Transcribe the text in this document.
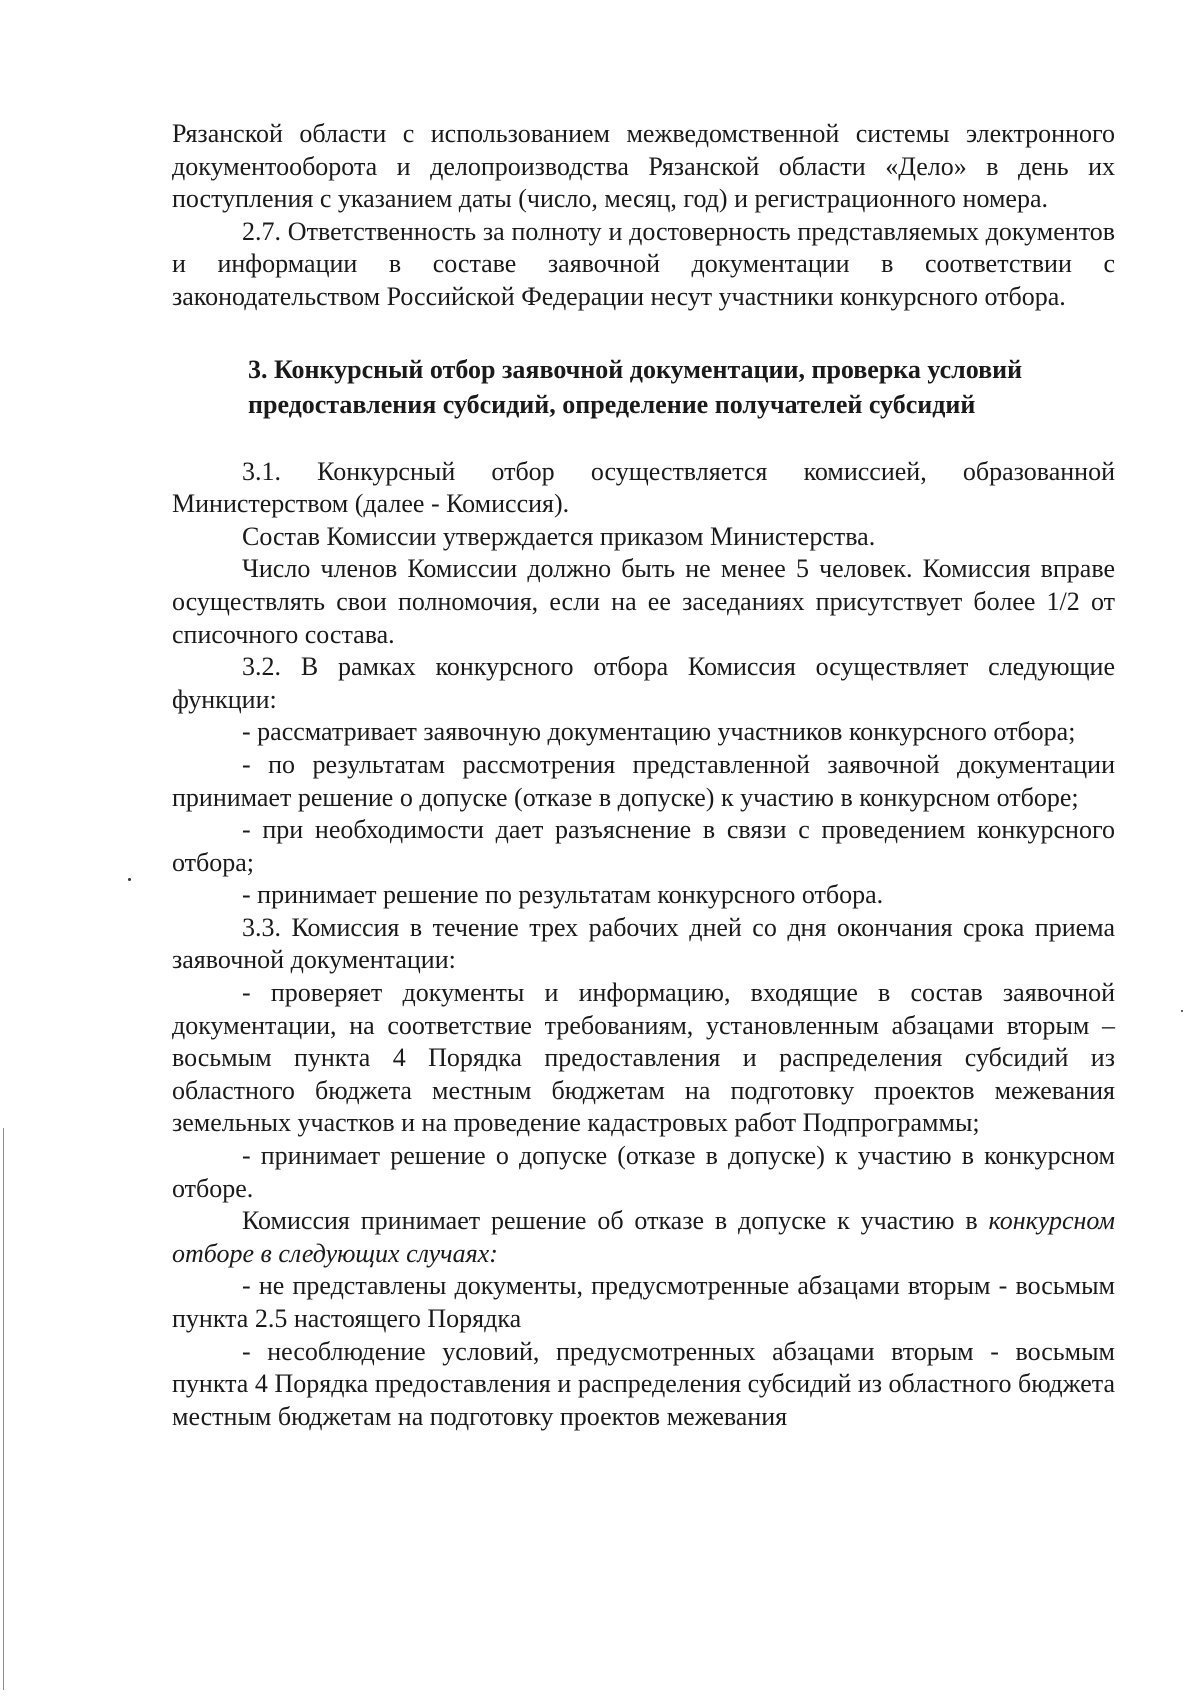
Рязанской области с использованием межведомственной системы электронного документооборота и делопроизводства Рязанской области «Дело» в день их поступления с указанием даты (число, месяц, год) и регистрационного номера.

2.7. Ответственность за полноту и достоверность представляемых документов и информации в составе заявочной документации в соответствии с законодательством Российской Федерации несут участники конкурсного отбора.

3. Конкурсный отбор заявочной документации, проверка условий
предоставления субсидий, определение получателей субсидий

3.1. Конкурсный отбор осуществляется комиссией, образованной Министерством (далее - Комиссия).

Состав Комиссии утверждается приказом Министерства.

Число членов Комиссии должно быть не менее 5 человек. Комиссия вправе осуществлять свои полномочия, если на ее заседаниях присутствует более 1/2 от списочного состава.

3.2. В рамках конкурсного отбора Комиссия осуществляет следующие функции:

- рассматривает заявочную документацию участников конкурсного отбора;

- по результатам рассмотрения представленной заявочной документации принимает решение о допуске (отказе в допуске) к участию в конкурсном отборе;

- при необходимости дает разъяснение в связи с проведением конкурсного отбора;

- принимает решение по результатам конкурсного отбора.

3.3. Комиссия в течение трех рабочих дней со дня окончания срока приема заявочной документации:

- проверяет документы и информацию, входящие в состав заявочной документации, на соответствие требованиям, установленным абзацами вторым – восьмым пункта 4 Порядка предоставления и распределения субсидий из областного бюджета местным бюджетам на подготовку проектов межевания земельных участков и на проведение кадастровых работ Подпрограммы;

- принимает решение о допуске (отказе в допуске) к участию в конкурсном отборе.

Комиссия принимает решение об отказе в допуске к участию в конкурсном отборе в следующих случаях:

- не представлены документы, предусмотренные абзацами вторым - восьмым пункта 2.5 настоящего Порядка

- несоблюдение условий, предусмотренных абзацами вторым - восьмым пункта 4 Порядка предоставления и распределения субсидий из областного бюджета местным бюджетам на подготовку проектов межевания
